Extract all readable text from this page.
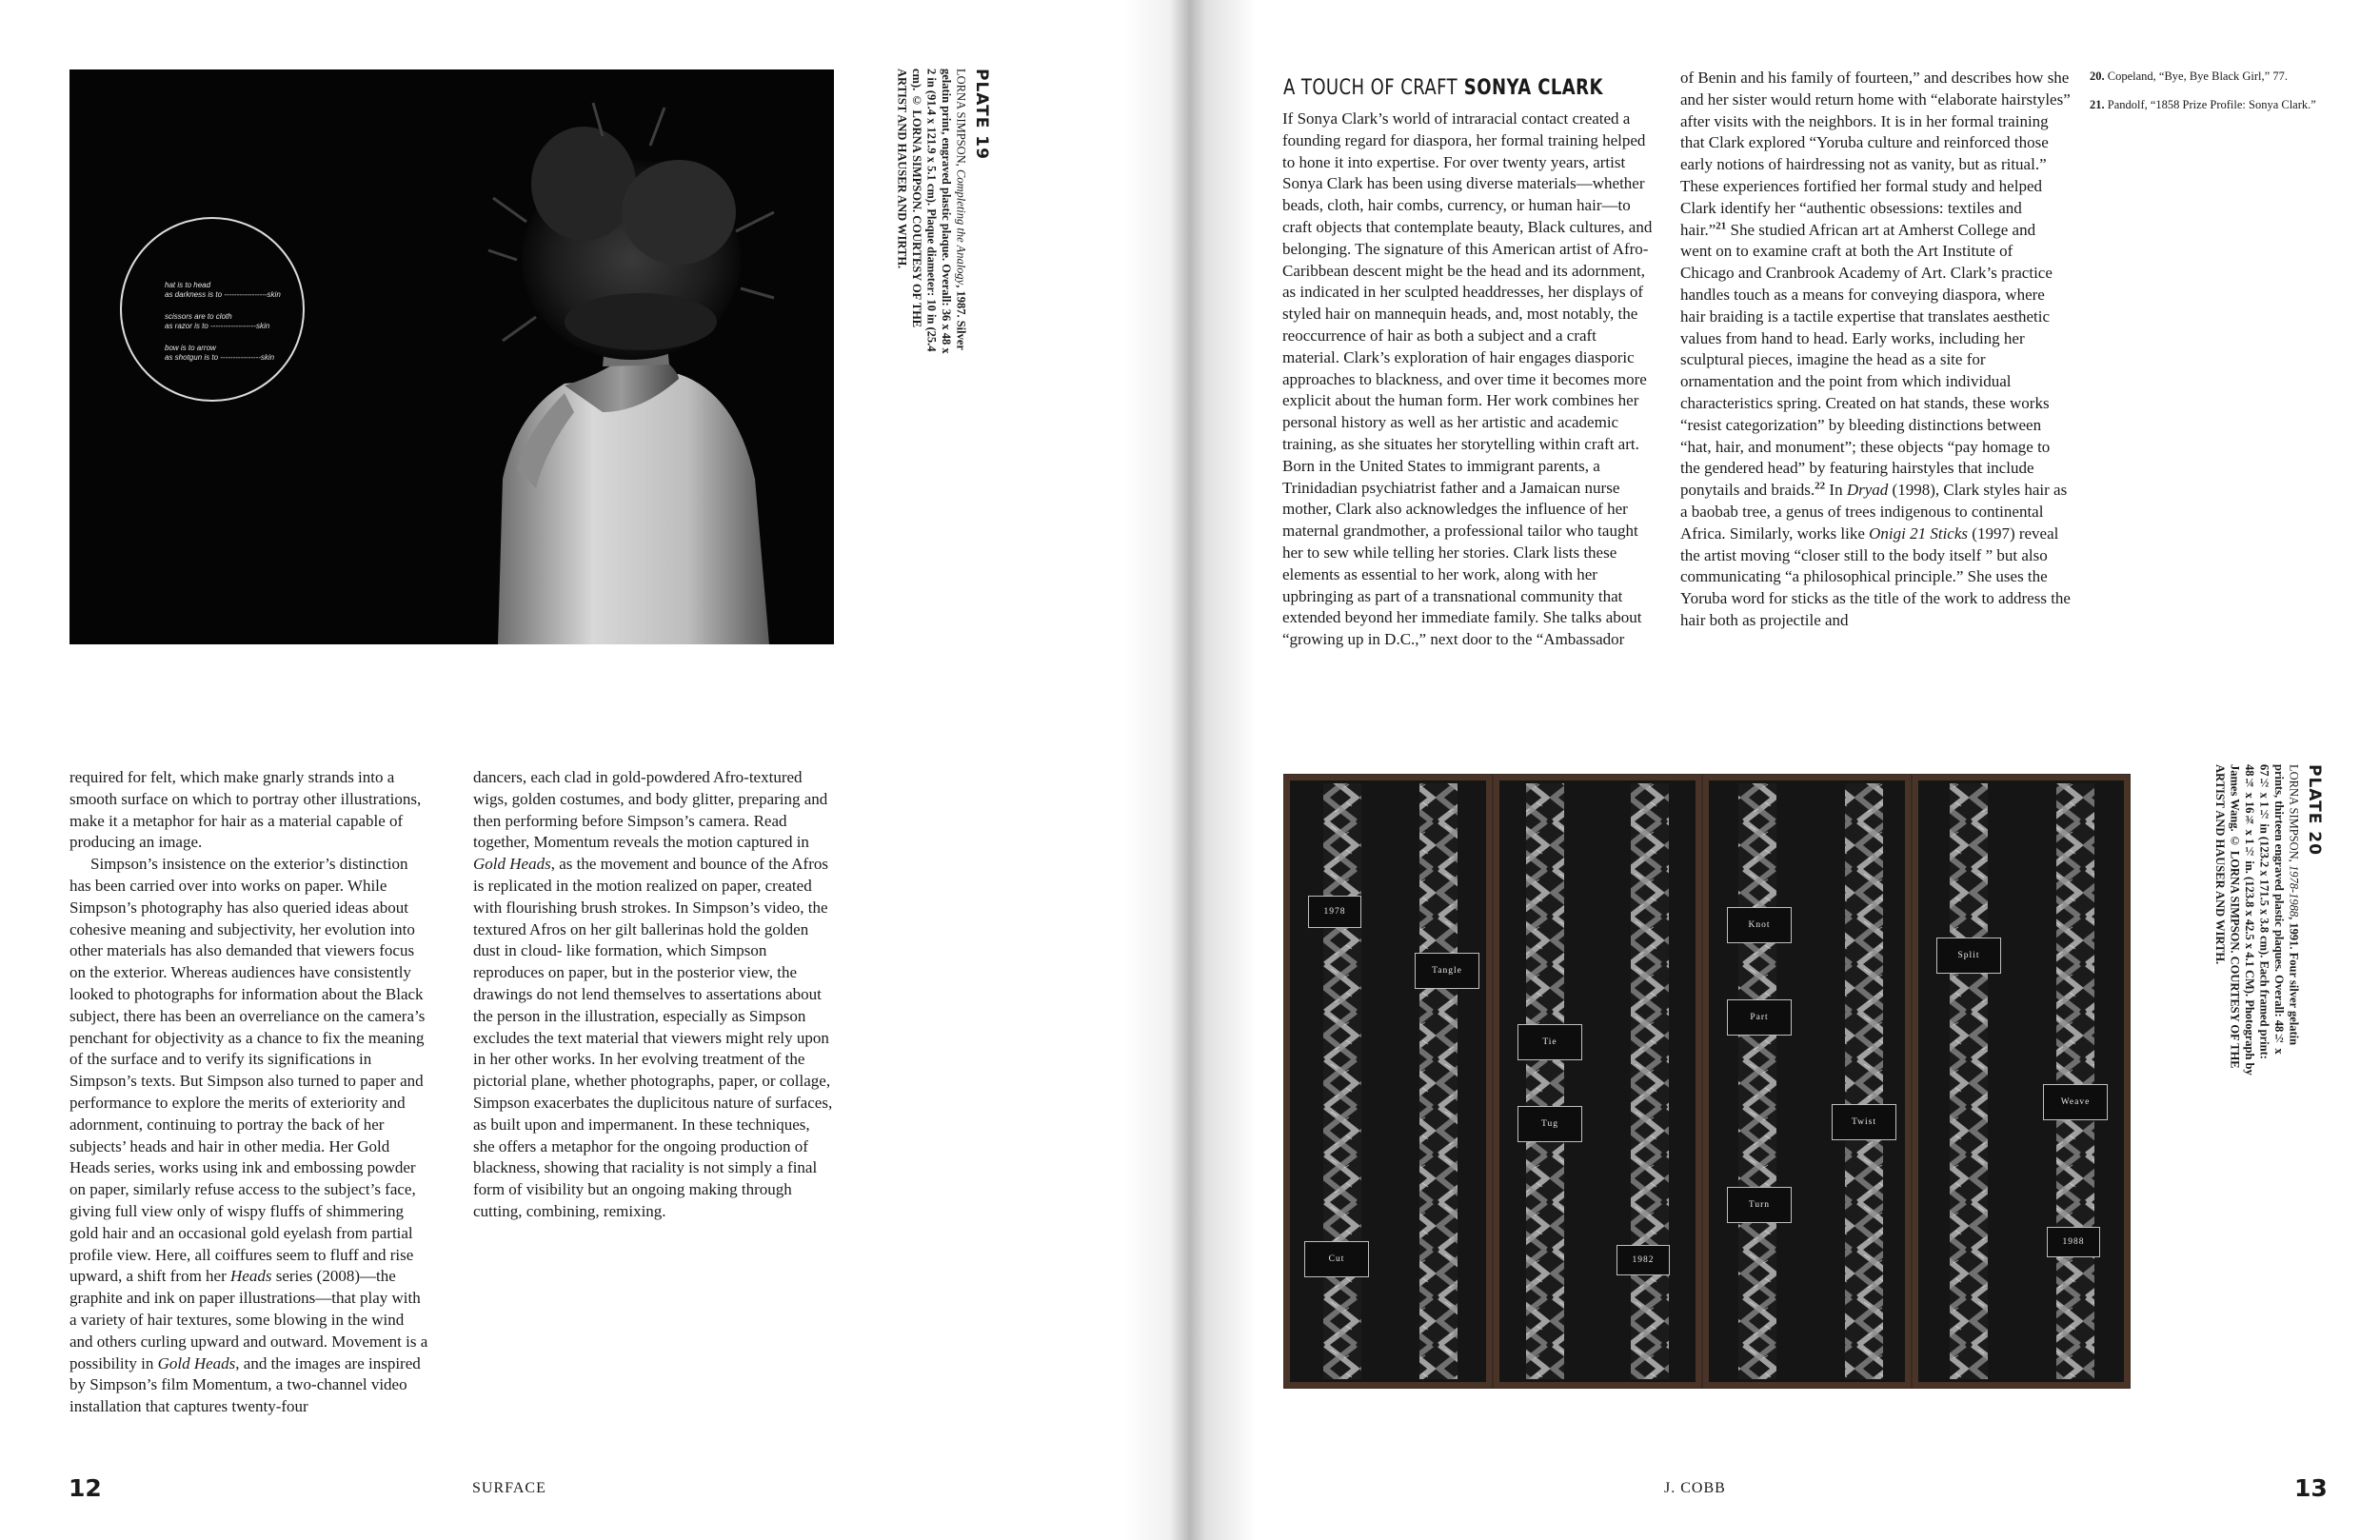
hat is to head
as darkness is to -----------------skin
scissors are to cloth
as razor is to ------------------skin
bow is to arrow
as shotgun is to ----------------skin
PLATE 19
LORNA SIMPSON, Completing the Analogy, 1987. Silver gelatin print, engraved plastic plaque. Overall: 36 x 48 x 2 in (91.4 x 121.9 x 5.1 cm). Plaque diameter: 10 in (25.4 cm). © LORNA SIMPSON. COURTESY OF THE ARTIST AND HAUSER AND WIRTH.

required for felt, which make gnarly strands into a smooth surface on which to portray other illustrations, make it a metaphor for hair as a material capable of producing an image.

Simpson’s insistence on the exterior’s distinction has been carried over into works on paper. While Simpson’s photography has also queried ideas about cohesive meaning and subjectivity, her evolution into other materials has also demanded that viewers focus on the exterior. Whereas audiences have consistently looked to photographs for information about the Black subject, there has been an overreliance on the camera’s penchant for objectivity as a chance to fix the meaning of the surface and to verify its significations in Simpson’s texts. But Simpson also turned to paper and performance to explore the merits of exteriority and adornment, continuing to portray the back of her subjects’ heads and hair in other media. Her Gold Heads series, works using ink and embossing powder on paper, similarly refuse access to the subject’s face, giving full view only of wispy fluffs of shimmering gold hair and an occasional gold eyelash from partial profile view. Here, all coiffures seem to fluff and rise upward, a shift from her Heads series (2008)—the graphite and ink on paper illustrations—that play with a variety of hair textures, some blowing in the wind and others curling upward and outward. Movement is a possibility in Gold Heads, and the images are inspired by Simpson’s film Momentum, a two-channel video installation that captures twenty-four

dancers, each clad in gold-powdered Afro-textured wigs, golden costumes, and body glitter, preparing and then performing before Simpson’s camera. Read together, Momentum reveals the motion captured in Gold Heads, as the movement and bounce of the Afros is replicated in the motion realized on paper, created with flourishing brush strokes. In Simpson’s video, the textured Afros on her gilt ballerinas hold the golden dust in cloud- like formation, which Simpson reproduces on paper, but in the posterior view, the drawings do not lend themselves to assertations about the person in the illustration, especially as Simpson excludes the text material that viewers might rely upon in her other works. In her evolving treatment of the pictorial plane, whether photographs, paper, or collage, Simpson exacerbates the duplicitous nature of surfaces, as built upon and impermanent. In these techniques, she offers a metaphor for the ongoing production of blackness, showing that raciality is not simply a final form of visibility but an ongoing making through cutting, combining, remixing.

12	SURFACE
A TOUCH OF CRAFT SONYA CLARK

If Sonya Clark’s world of intraracial contact created a founding regard for diaspora, her formal training helped to hone it into expertise. For over twenty years, artist Sonya Clark has been using diverse materials—whether beads, cloth, hair combs, currency, or human hair—to craft objects that contemplate beauty, Black cultures, and belonging. The signature of this American artist of Afro-Caribbean descent might be the head and its adornment, as indicated in her sculpted headdresses, her displays of styled hair on mannequin heads, and, most notably, the reoccurrence of hair as both a subject and a craft material. Clark’s exploration of hair engages diasporic approaches to blackness, and over time it becomes more explicit about the human form. Her work combines her personal history as well as her artistic and academic training, as she situates her storytelling within craft art. Born in the United States to immigrant parents, a Trinidadian psychiatrist father and a Jamaican nurse mother, Clark also acknowledges the influence of her maternal grandmother, a professional tailor who taught her to sew while telling her stories. Clark lists these elements as essential to her work, along with her upbringing as part of a transnational community that extended beyond her immediate family. She talks about “growing up in D.C.,” next door to the “Ambassador

of Benin and his family of fourteen,” and describes how she and her sister would return home with “elaborate hairstyles” after visits with the neighbors. It is in her formal training that Clark explored “Yoruba culture and reinforced those early notions of hairdressing not as vanity, but as ritual.” These experiences fortified her formal study and helped Clark identify her “authentic obsessions: textiles and hair.”$^{21}$ She studied African art at Amherst College and went on to examine craft at both the Art Institute of Chicago and Cranbrook Academy of Art. Clark’s practice handles touch as a means for conveying diaspora, where hair braiding is a tactile expertise that translates aesthetic values from hand to head. Early works, including her sculptural pieces, imagine the head as a site for ornamentation and the point from which individual characteristics spring. Created on hat stands, these works “resist categorization” by bleeding distinctions between “hat, hair, and monument”; these objects “pay homage to the gendered head” by featuring hairstyles that include ponytails and braids.$^{22}$ In Dryad (1998), Clark styles hair as a baobab tree, a genus of trees indigenous to continental Africa. Similarly, works like Onigi 21 Sticks (1997) reveal the artist moving “closer still to the body itself ” but also communicating “a philosophical principle.” She uses the Yoruba word for sticks as the title of the work to address the hair both as projectile and

20. Copeland, “Bye, Bye Black Girl,” 77.
21. Pandolf, “1858 Prize Profile: Sonya Clark.”
1978
Tangle
Tie
Tug
Cut	1982
Knot
Part
Turn
Twist
Split
Weave
1988
PLATE 20
LORNA SIMPSON, 1978-1988, 1991. Four silver gelatin prints, thirteen engraved plastic plaques. Overall: 48½ x 67½ x 1½ in (123.2 x 171.5 x 3.8 cm). Each framed print: 48¼ x 16¾ x 1½ in. (123.8 x 42.5 x 4.1 CM). Photograph by James Wang. © LORNA SIMPSON. COURTESY OF THE ARTIST AND HAUSER AND WIRTH.
J. COBB	13
